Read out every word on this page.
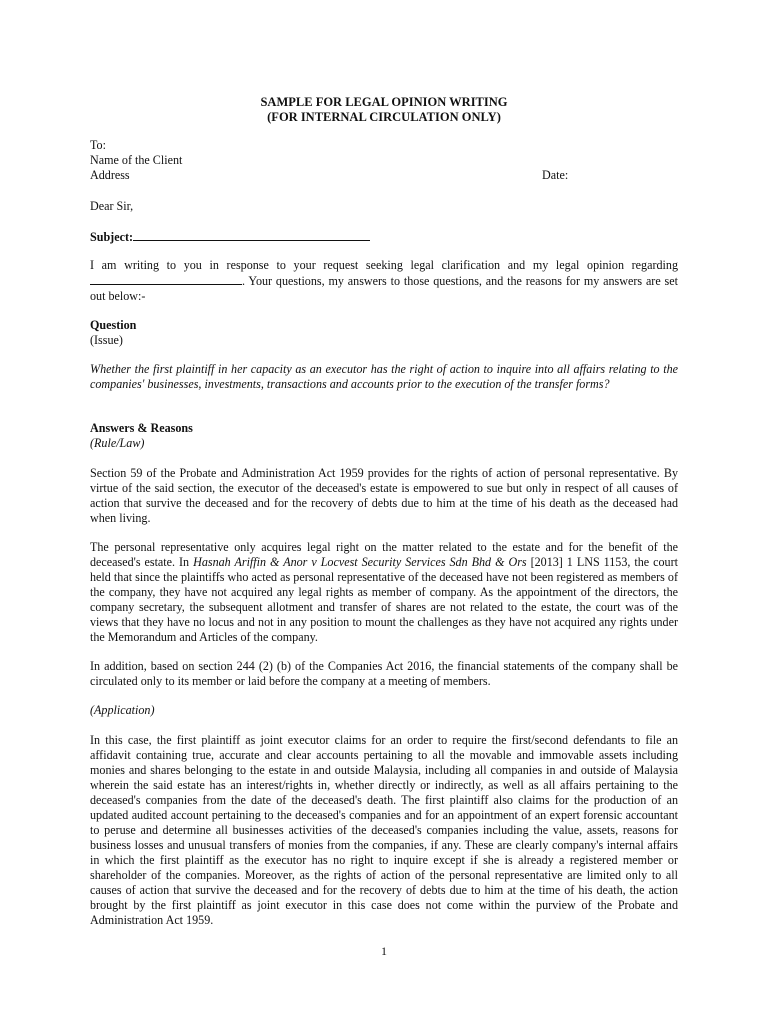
SAMPLE FOR LEGAL OPINION WRITING
(FOR INTERNAL CIRCULATION ONLY)
To:
Name of the Client
Address	Date:
Dear Sir,
Subject:

I am writing to you in response to your request seeking legal clarification and my legal opinion regarding . Your questions, my answers to those questions, and the reasons for my answers are set out below:-

Question
(Issue)

Whether the first plaintiff in her capacity as an executor has the right of action to inquire into all affairs relating to the companies' businesses, investments, transactions and accounts prior to the execution of the transfer forms?

Answers & Reasons
(Rule/Law)

Section 59 of the Probate and Administration Act 1959 provides for the rights of action of personal representative. By virtue of the said section, the executor of the deceased's estate is empowered to sue but only in respect of all causes of action that survive the deceased and for the recovery of debts due to him at the time of his death as the deceased had when living.

The personal representative only acquires legal right on the matter related to the estate and for the benefit of the deceased's estate. In Hasnah Ariffin & Anor v Locvest Security Services Sdn Bhd & Ors [2013] 1 LNS 1153, the court held that since the plaintiffs who acted as personal representative of the deceased have not been registered as members of the company, they have not acquired any legal rights as member of company. As the appointment of the directors, the company secretary, the subsequent allotment and transfer of shares are not related to the estate, the court was of the views that they have no locus and not in any position to mount the challenges as they have not acquired any rights under the Memorandum and Articles of the company.

In addition, based on section 244 (2) (b) of the Companies Act 2016, the financial statements of the company shall be circulated only to its member or laid before the company at a meeting of members.

(Application)

In this case, the first plaintiff as joint executor claims for an order to require the first/second defendants to file an affidavit containing true, accurate and clear accounts pertaining to all the movable and immovable assets including monies and shares belonging to the estate in and outside Malaysia, including all companies in and outside of Malaysia wherein the said estate has an interest/rights in, whether directly or indirectly, as well as all affairs pertaining to the deceased's companies from the date of the deceased's death. The first plaintiff also claims for the production of an updated audited account pertaining to the deceased's companies and for an appointment of an expert forensic accountant to peruse and determine all businesses activities of the deceased's companies including the value, assets, reasons for business losses and unusual transfers of monies from the companies, if any. These are clearly company's internal affairs in which the first plaintiff as the executor has no right to inquire except if she is already a registered member or shareholder of the companies. Moreover, as the rights of action of the personal representative are limited only to all causes of action that survive the deceased and for the recovery of debts due to him at the time of his death, the action brought by the first plaintiff as joint executor in this case does not come within the purview of the Probate and Administration Act 1959.

1
